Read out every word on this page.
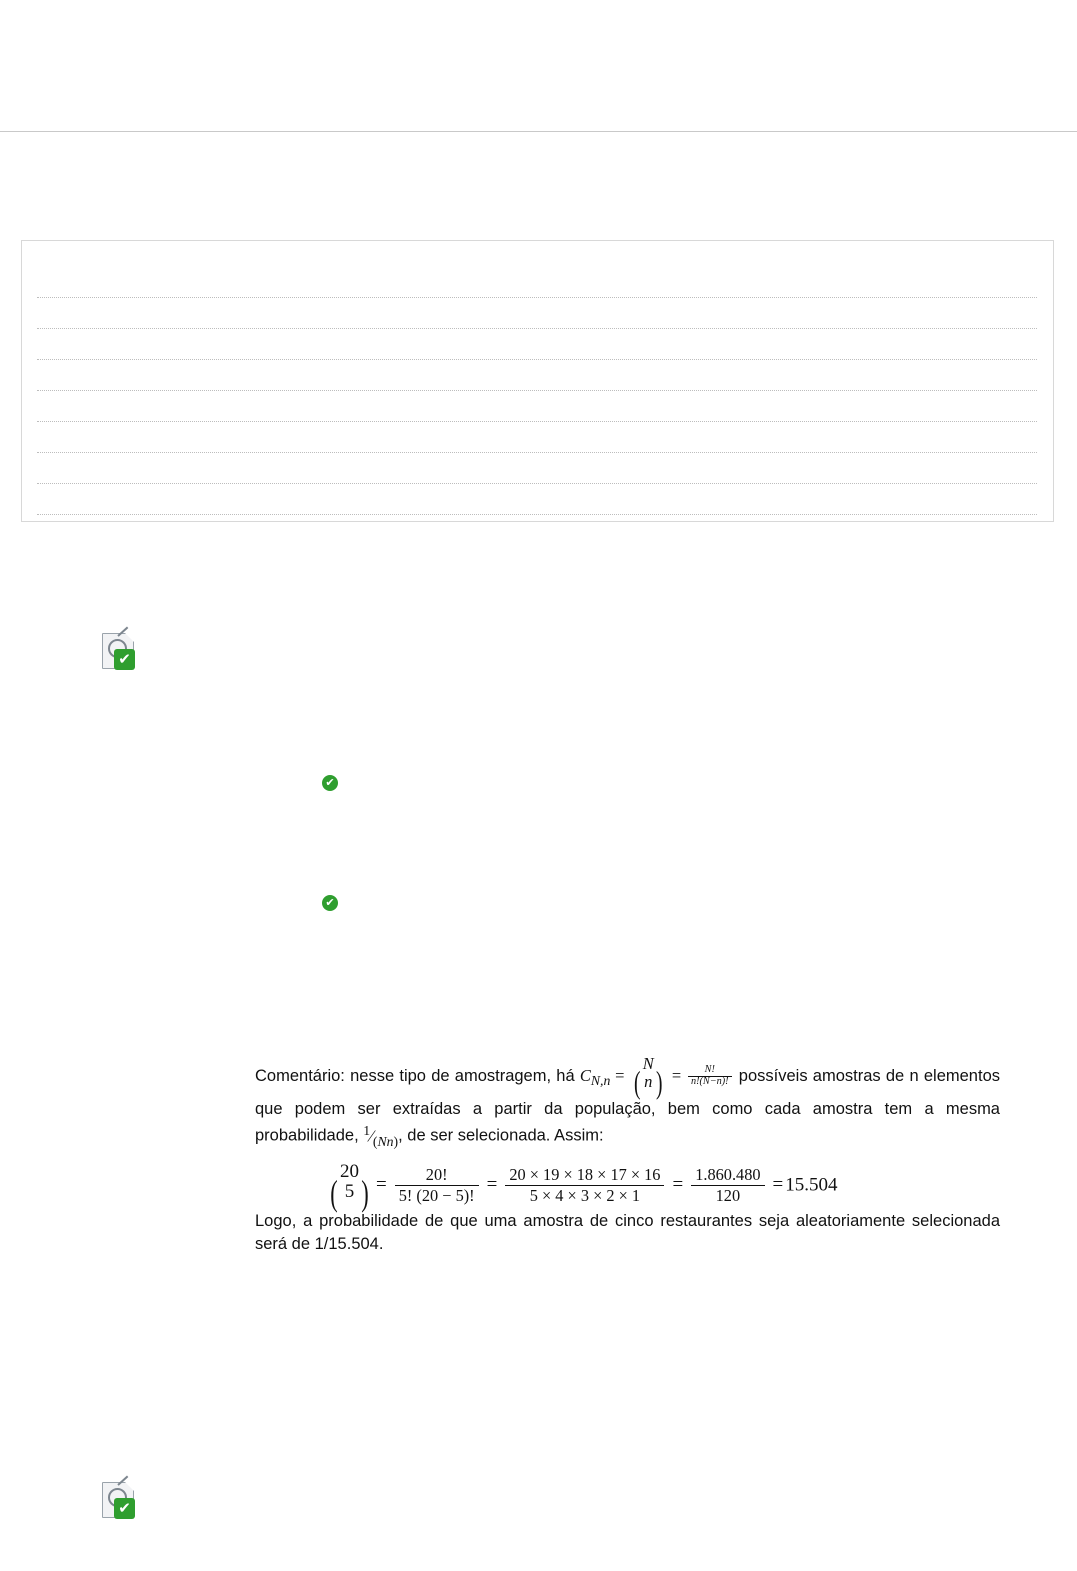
✔
✔
✔

Comentário: nesse tipo de amostragem, há $C_{N,n} = (N$
n ) = $\frac{N!}{n!(N-n)!}$ possíveis amostras de n elementos que podem ser extraídas a partir da população, bem como cada amostra tem a mesma probabilidade, $^1⁄_{(Nn)}$, de ser selecionada. Assim:

(20
5 ) = $\frac{20!}{5! (20 - 5)!} = \frac{20 \times 19 \times 18 \times 17 \times 16}{5 \times 4 \times 3 \times 2 \times 1} = \frac{1.860.480}{120} = 15.504$

Logo, a probabilidade de que uma amostra de cinco restaurantes seja aleatoriamente selecionada será de 1/15.504.

✔
